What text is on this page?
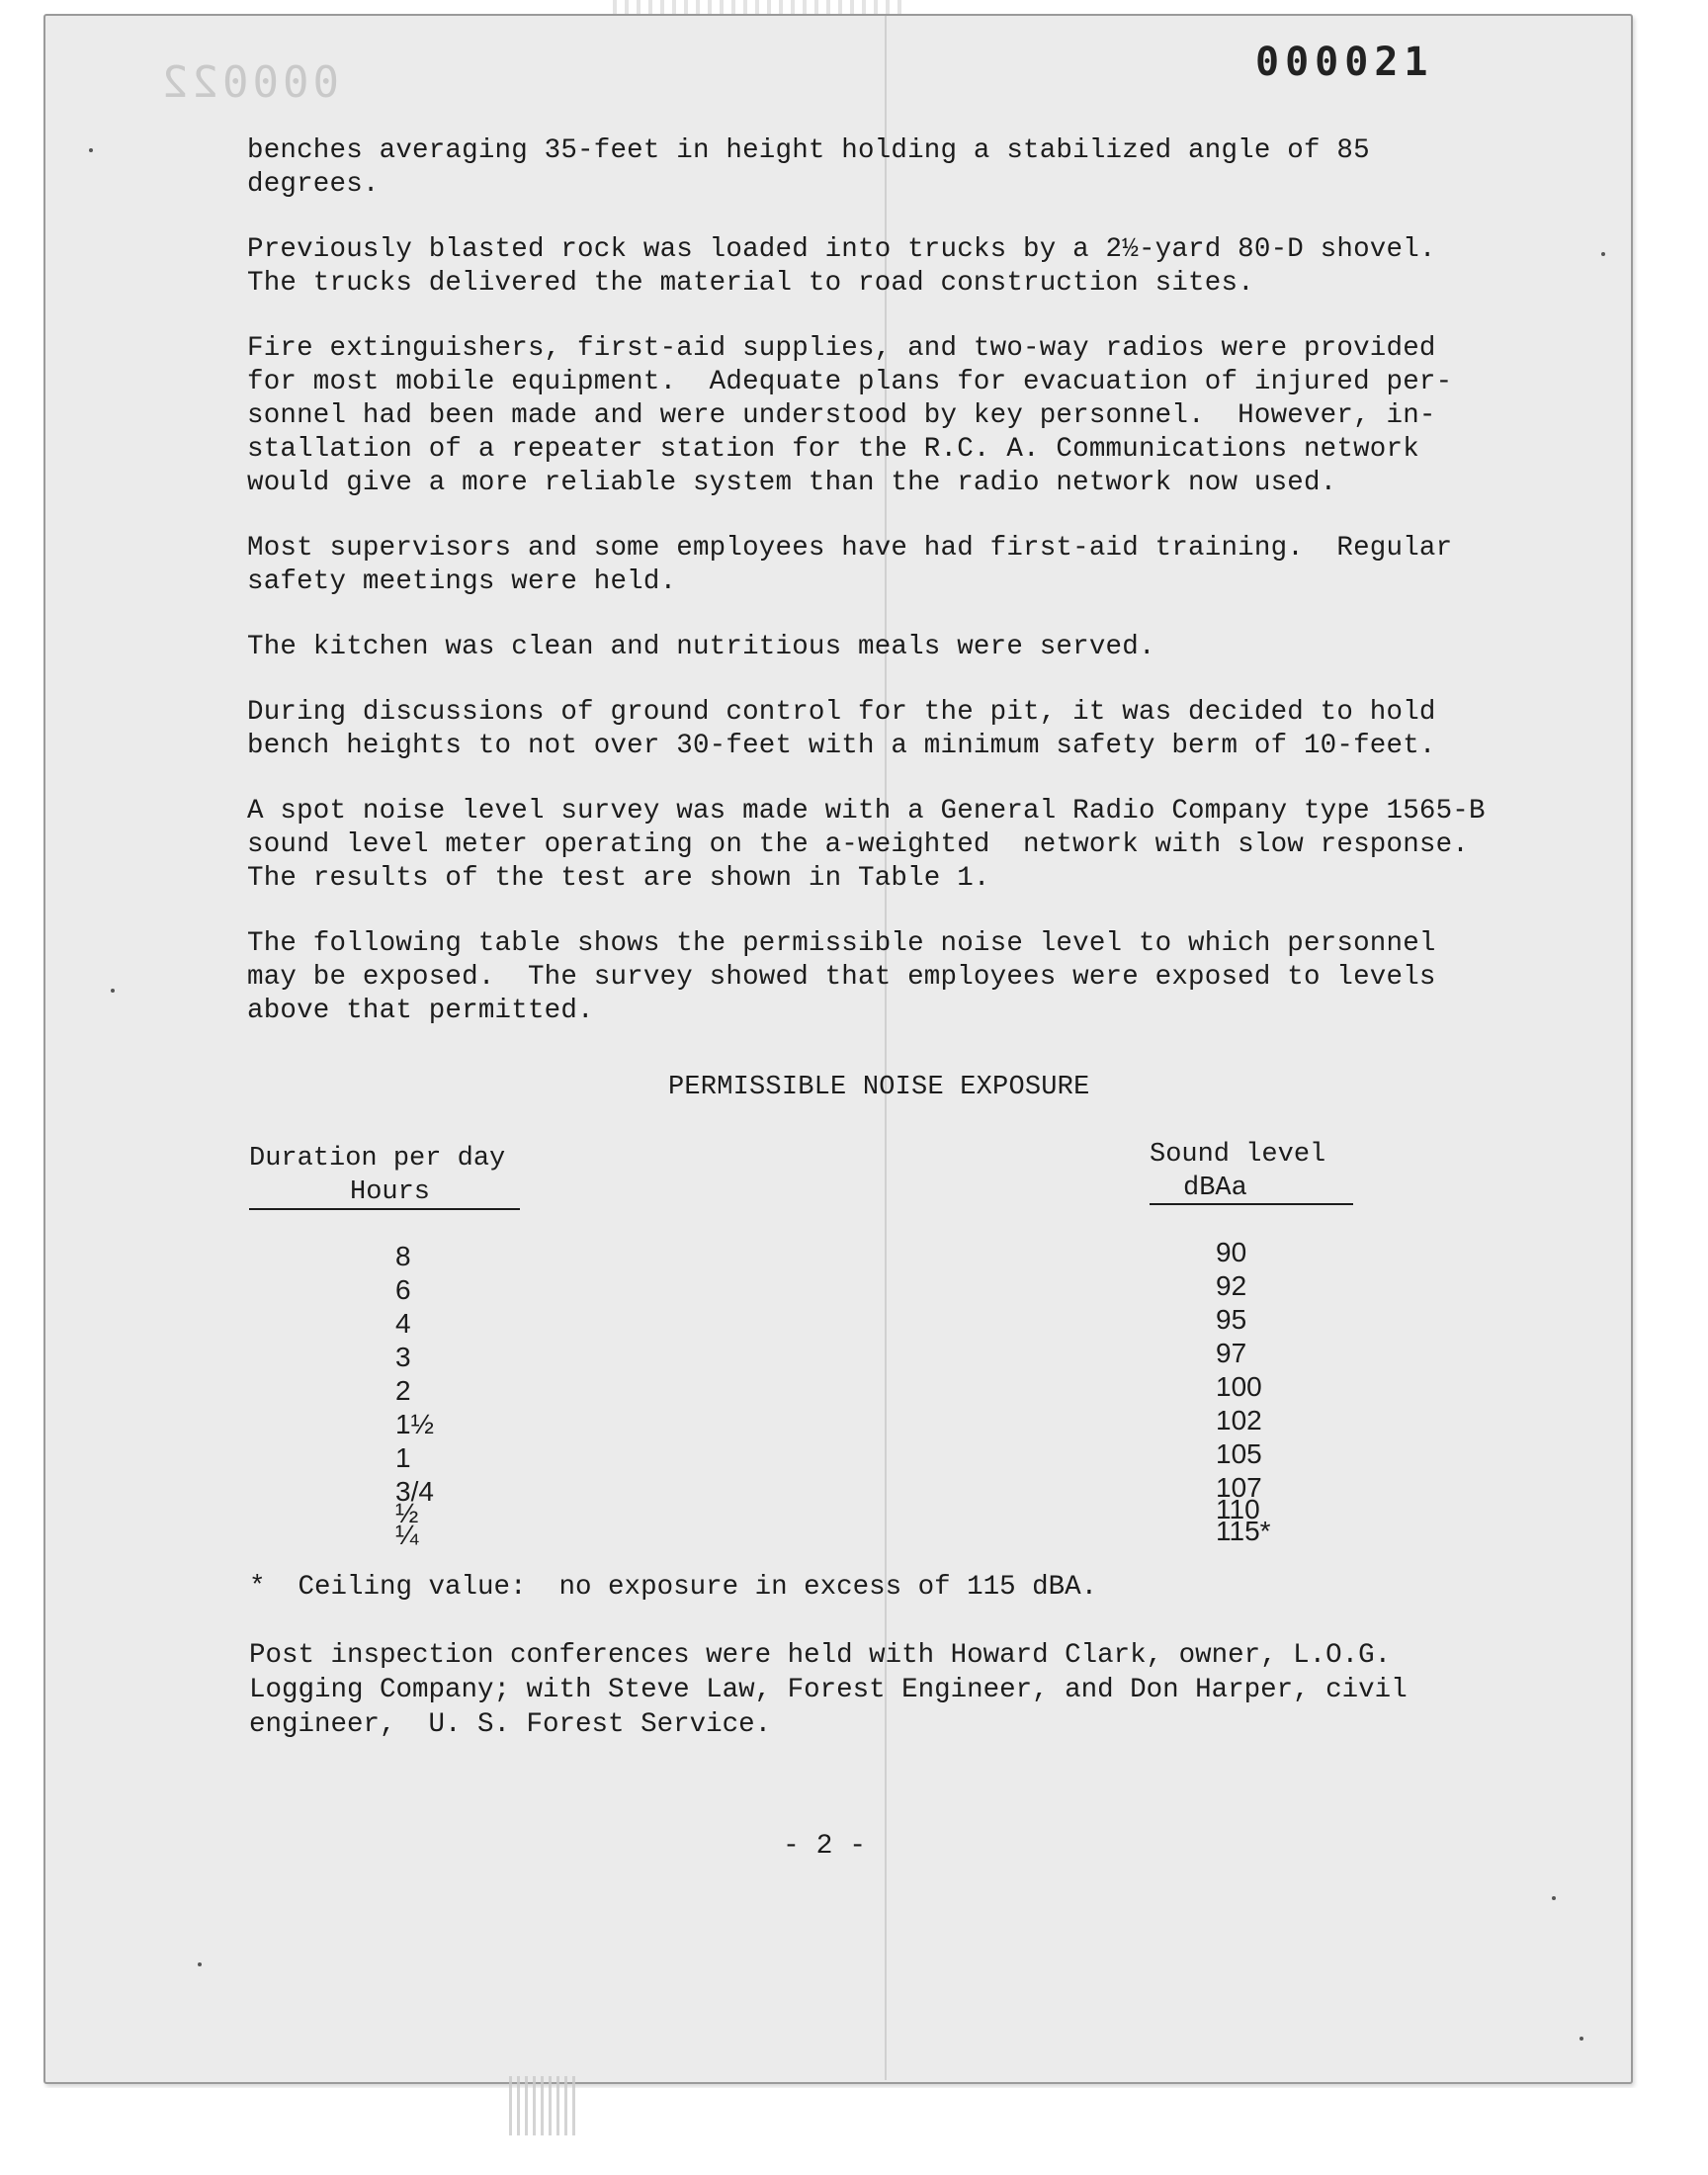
000021
000022

benches averaging 35-feet in height holding a stabilized angle of 85
degrees.

Previously blasted rock was loaded into trucks by a 2½-yard 80-D shovel.
The trucks delivered the material to road construction sites.

Fire extinguishers, first-aid supplies, and two-way radios were provided
for most mobile equipment.  Adequate plans for evacuation of injured per-
sonnel had been made and were understood by key personnel.  However, in-
stallation of a repeater station for the R.C. A. Communications network
would give a more reliable system than the radio network now used.

Most supervisors and some employees have had first-aid training.  Regular
safety meetings were held.

The kitchen was clean and nutritious meals were served.

During discussions of ground control for the pit, it was decided to hold
bench heights to not over 30-feet with a minimum safety berm of 10-feet.

A spot noise level survey was made with a General Radio Company type 1565-B
sound level meter operating on the a-weighted  network with slow response.
The results of the test are shown in Table 1.

The following table shows the permissible noise level to which personnel
may be exposed.  The survey showed that employees were exposed to levels
above that permitted.

PERMISSIBLE NOISE EXPOSURE
Duration per day
Hours
Sound level
dBAa
8
6
4
3
2
1½
1
3/4
½
¼
90
92
95
97
100
102
105
107
110
115*
*  Ceiling value:  no exposure in excess of 115 dBA.
Post inspection conferences were held with Howard Clark, owner, L.O.G.
Logging Company; with Steve Law, Forest Engineer, and Don Harper, civil
engineer,  U. S. Forest Service.
- 2 -
